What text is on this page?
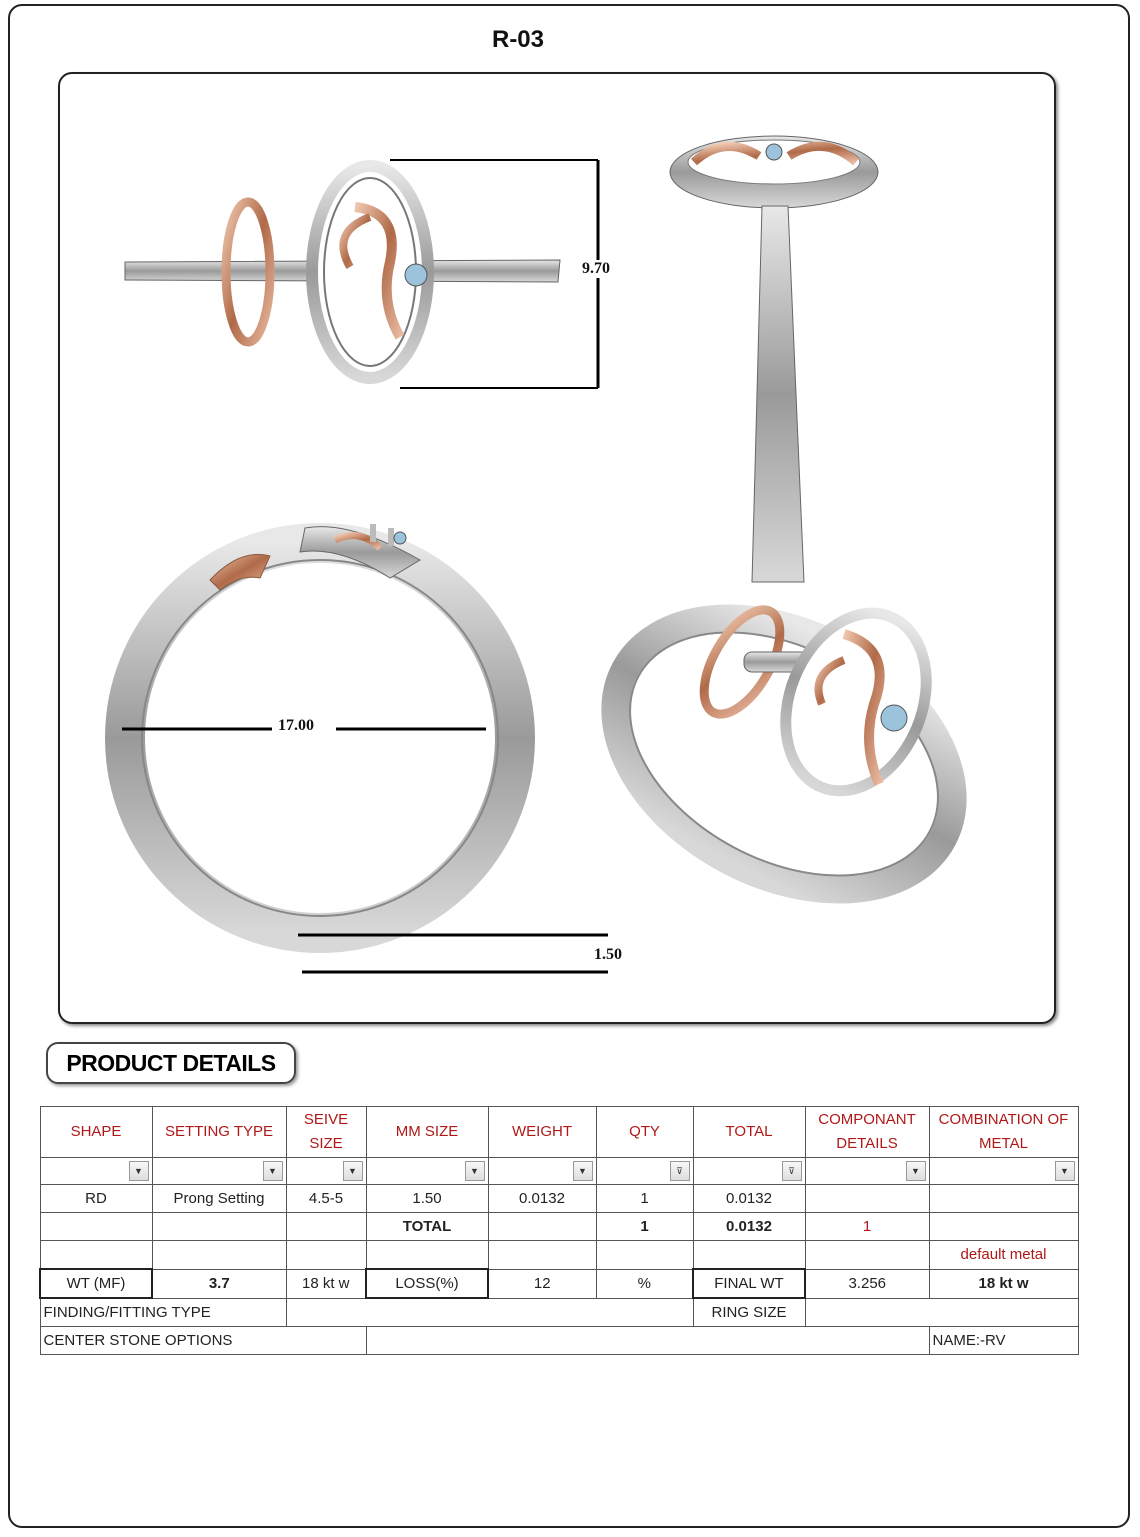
R-03
9.70
17.00
1.50
PRODUCT DETAILS
SHAPE	SETTING TYPE	SEIVE SIZE	MM SIZE	WEIGHT	QTY	TOTAL	COMPONANT DETAILS	COMBINATION OF METAL

▼	▼	▼	▼	▼	⊽	⊽	▼	▼

RD	Prong Setting	4.5-5	1.50	0.0132	1	0.0132		
			TOTAL		1	0.0132	1	
								default metal
WT (MF)	3.7	18 kt w	LOSS(%)	12	%	FINAL WT	3.256	18 kt w
FINDING/FITTING TYPE						RING SIZE		
CENTER STONE OPTIONS								NAME:-RV
